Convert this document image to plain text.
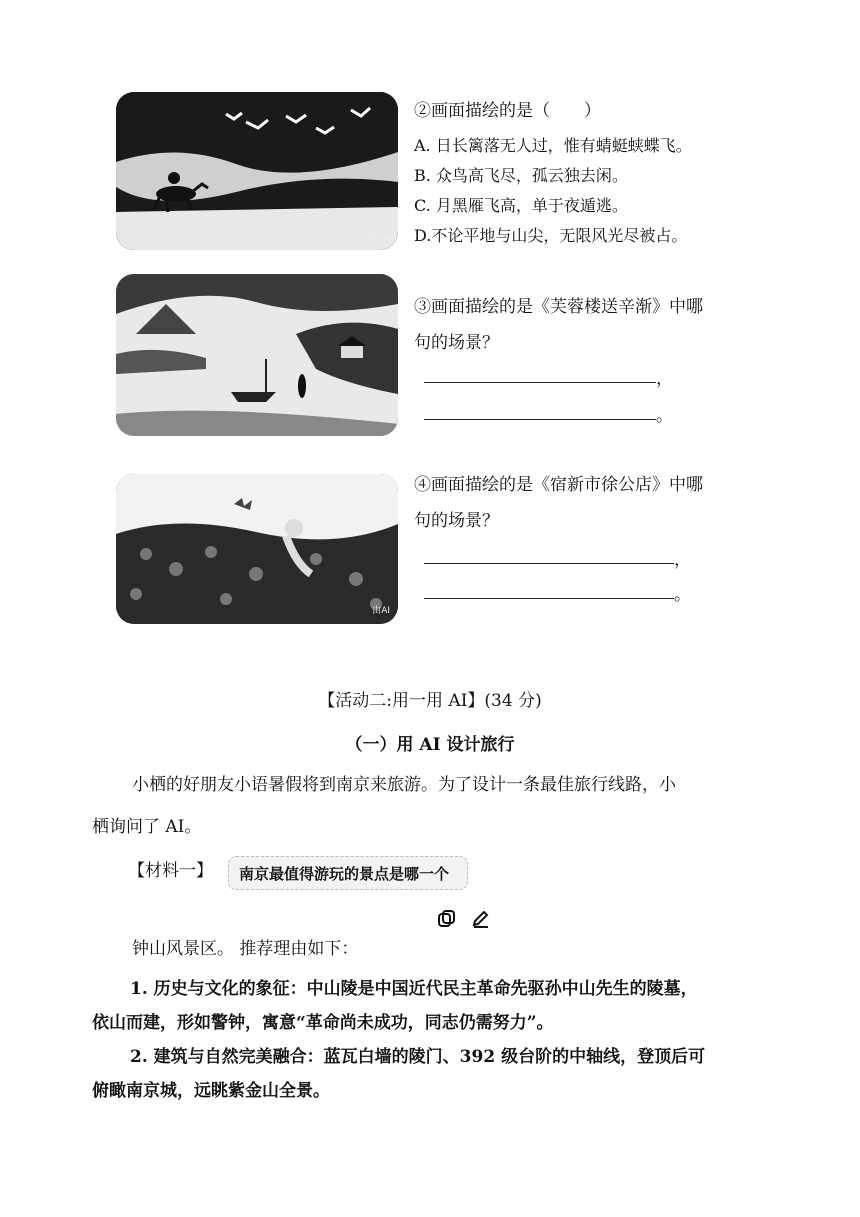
图由AI
②画面描绘的是（　　）
A. 日长篱落无人过，惟有蜻蜓蛱蝶飞。
B. 众鸟高飞尽，孤云独去闲。
C. 月黑雁飞高，单于夜遁逃。
D.不论平地与山尖，无限风光尽被占。
③画面描绘的是《芙蓉楼送辛渐》中哪
句的场景？
，
。
由AI
④画面描绘的是《宿新市徐公店》中哪
句的场景？
，
。
【活动二:用一用 AI】(34 分)
（一）用 AI 设计旅行
小栖的好朋友小语暑假将到南京来旅游。为了设计一条最佳旅行线路，小
栖询问了 AI。
【材料一】 南京最值得游玩的景点是哪一个
钟山风景区。 推荐理由如下：
1. 历史与文化的象征：中山陵是中国近代民主革命先驱孙中山先生的陵墓，
依山而建，形如警钟，寓意“革命尚未成功，同志仍需努力”。
2. 建筑与自然完美融合：蓝瓦白墙的陵门、392 级台阶的中轴线，登顶后可
俯瞰南京城，远眺紫金山全景。
